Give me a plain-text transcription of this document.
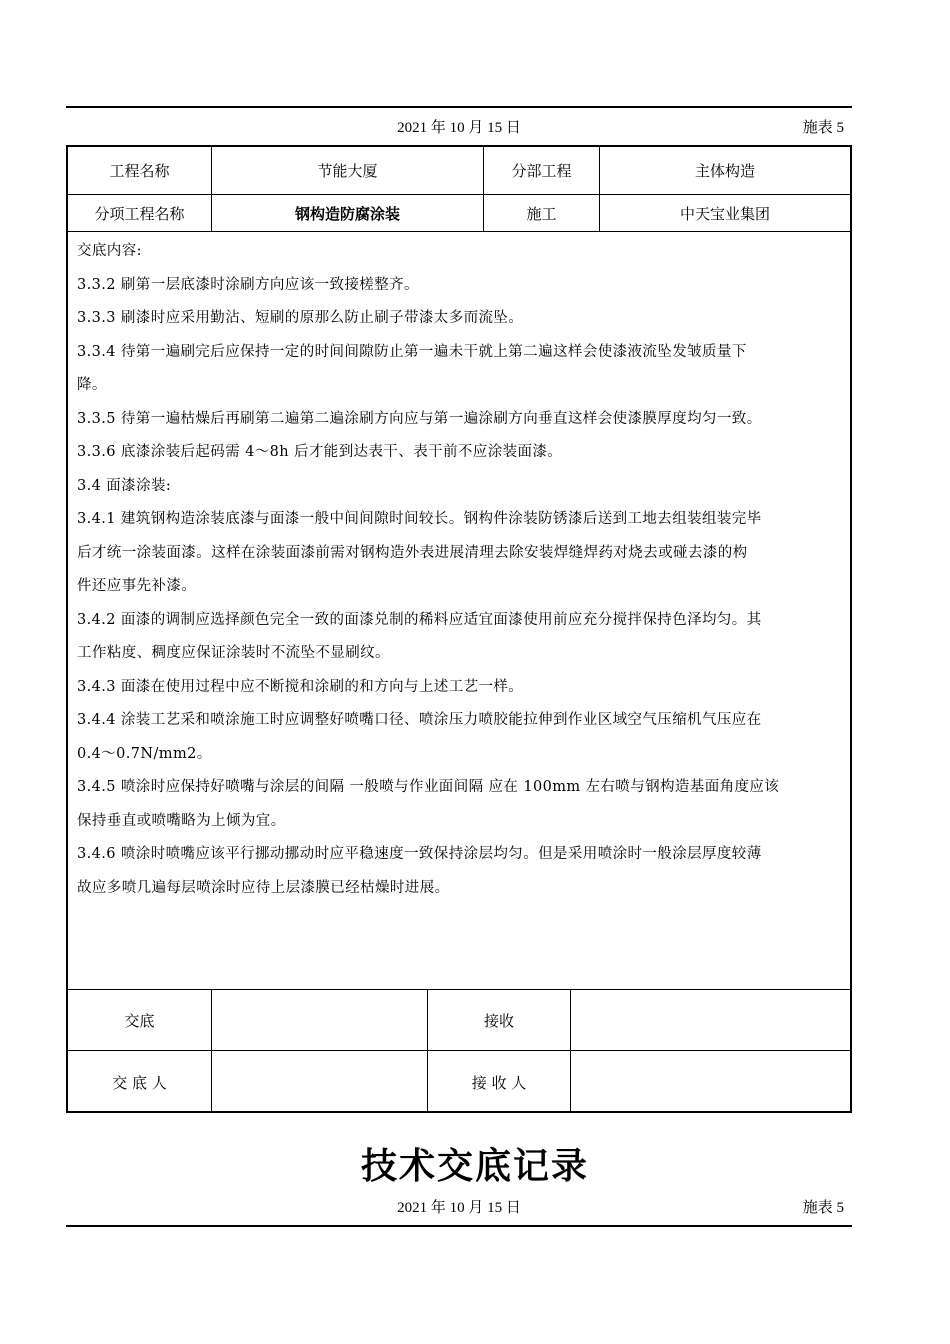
2021 年 10 月 15 日	施表 5
工程名称	节能大厦	分部工程	主体构造
分项工程名称	钢构造防腐涂装	施工	中天宝业集团
交底内容:
3.3.2 刷第一层底漆时涂刷方向应该一致接槎整齐。
3.3.3 刷漆时应采用勤沾、短刷的原那么防止刷子带漆太多而流坠。
3.3.4 待第一遍刷完后应保持一定的时间间隙防止第一遍未干就上第二遍这样会使漆液流坠发皱质量下
降。
3.3.5 待第一遍枯燥后再刷第二遍第二遍涂刷方向应与第一遍涂刷方向垂直这样会使漆膜厚度均匀一致。
3.3.6 底漆涂装后起码需 4～8h 后才能到达表干、表干前不应涂装面漆。
3.4 面漆涂装:
3.4.1 建筑钢构造涂装底漆与面漆一般中间间隙时间较长。钢构件涂装防锈漆后送到工地去组装组装完毕
后才统一涂装面漆。这样在涂装面漆前需对钢构造外表进展清理去除安装焊缝焊药对烧去或碰去漆的构
件还应事先补漆。
3.4.2 面漆的调制应选择颜色完全一致的面漆兑制的稀料应适宜面漆使用前应充分搅拌保持色泽均匀。其
工作粘度、稠度应保证涂装时不流坠不显刷纹。
3.4.3 面漆在使用过程中应不断搅和涂刷的和方向与上述工艺一样。
3.4.4 涂装工艺采和喷涂施工时应调整好喷嘴口径、喷涂压力喷胶能拉伸到作业区域空气压缩机气压应在
0.4～0.7N/mm2。
3.4.5 喷涂时应保持好喷嘴与涂层的间隔 一般喷与作业面间隔 应在 100mm 左右喷与钢构造基面角度应该
保持垂直或喷嘴略为上倾为宜。
3.4.6 喷涂时喷嘴应该平行挪动挪动时应平稳速度一致保持涂层均匀。但是采用喷涂时一般涂层厚度较薄
故应多喷几遍每层喷涂时应待上层漆膜已经枯燥时进展。
交底	接收
交 底 人	接 收 人
技术交底记录
2021 年 10 月 15 日	施表 5
